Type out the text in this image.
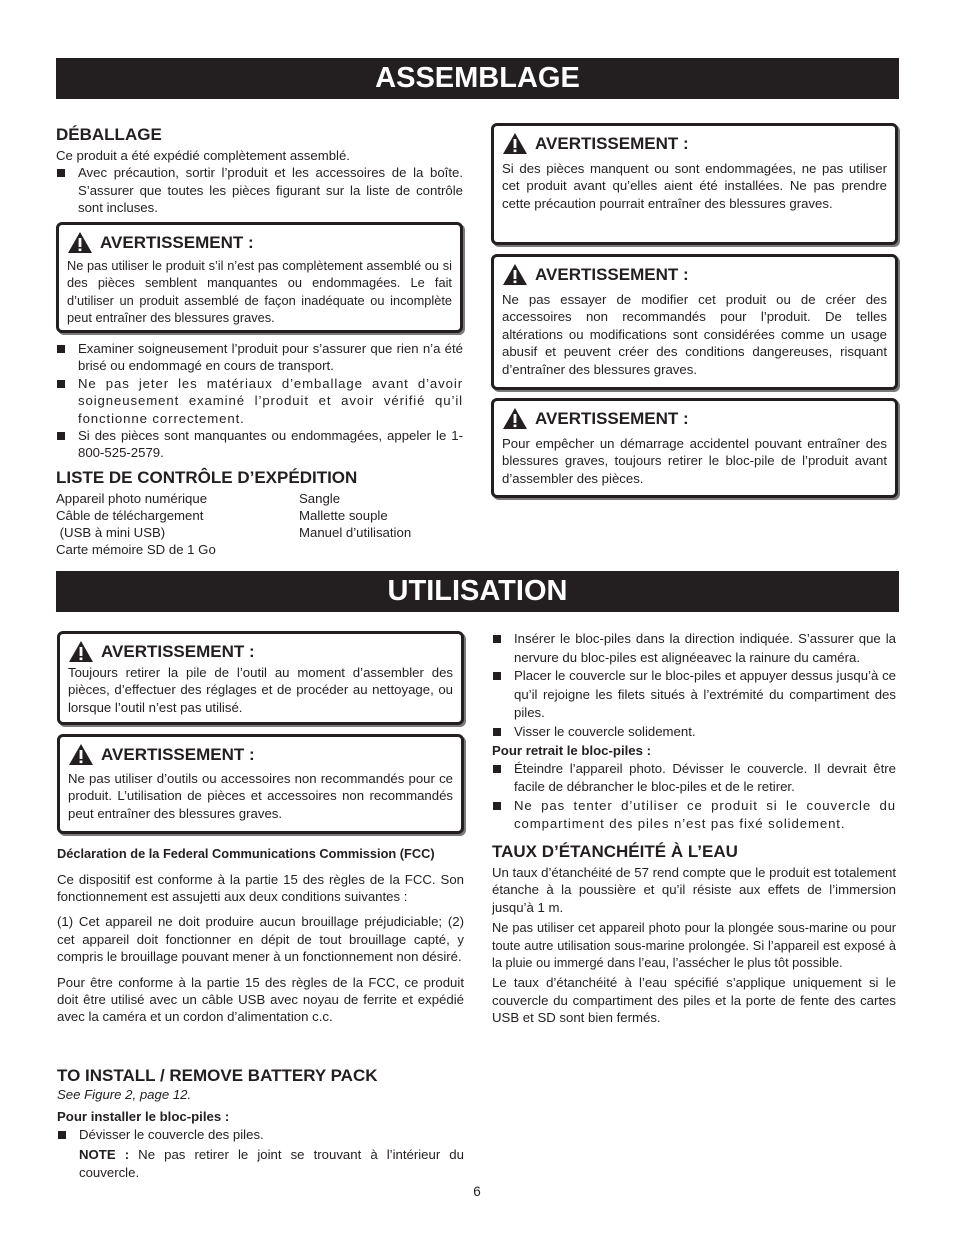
ASSEMBLAGE
DÉBALLAGE

Ce produit a été expédié complètement assemblé.

Avec précaution, sortir l’produit et les accessoires de la boîte. S’assurer que toutes les pièces figurant sur la liste de contrôle sont incluses.
AVERTISSEMENT :
Ne pas utiliser le produit s’il n’est pas complètement assemblé ou si des pièces semblent manquantes ou endommagées. Le fait d’utiliser un produit assemblé de façon inadéquate ou incomplète peut entraîner des blessures graves.
Examiner soigneusement l’produit pour s’assurer que rien n’a été brisé ou endommagé en cours de transport.
Ne pas jeter les matériaux d’emballage avant d’avoir soigneusement examiné l’produit et avoir vérifié qu’il fonctionne correctement.
Si des pièces sont manquantes ou endommagées, appeler le 1-800-525-2579.
LISTE DE CONTRÔLE D’EXPÉDITION
Appareil photo numérique
Câble de téléchargement
(USB à mini USB)
Carte mémoire SD de 1 Go
Sangle
Mallette souple
Manuel d’utilisation
AVERTISSEMENT :
Si des pièces manquent ou sont endommagées, ne pas utiliser cet produit avant qu’elles aient été installées. Ne pas prendre cette précaution pourrait entraîner des blessures graves.
AVERTISSEMENT :
Ne pas essayer de modifier cet produit ou de créer des accessoires non recommandés pour l’produit. De telles altérations ou modifications sont considérées comme un usage abusif et peuvent créer des conditions dangereuses, risquant d’entraîner des blessures graves.
AVERTISSEMENT :
Pour empêcher un démarrage accidentel pouvant entraîner des blessures graves, toujours retirer le bloc-pile de l’produit avant d’assembler des pièces.
UTILISATION
AVERTISSEMENT :
Toujours retirer la pile de l’outil au moment d’assembler des pièces, d’effectuer des réglages et de procéder au nettoyage, ou lorsque l’outil n’est pas utilisé.
AVERTISSEMENT :
Ne pas utiliser d’outils ou accessoires non recommandés pour ce produit. L’utilisation de pièces et accessoires non recommandés peut entraîner des blessures graves.
Déclaration de la Federal Communications Commission (FCC)

Ce dispositif est conforme à la partie 15 des règles de la FCC. Son fonctionnement est assujetti aux deux conditions suivantes :

(1) Cet appareil ne doit produire aucun brouillage préjudiciable; (2) cet appareil doit fonctionner en dépit de tout brouillage capté, y compris le brouillage pouvant mener à un fonctionnement non désiré.

Pour être conforme à la partie 15 des règles de la FCC, ce produit doit être utilisé avec un câble USB avec noyau de ferrite et expédié avec la caméra et un cordon d’alimentation c.c.

TO INSTALL / REMOVE BATTERY PACK
See Figure 2, page 12.
Pour installer le bloc-piles :
Dévisser le couvercle des piles.
NOTE : Ne pas retirer le joint se trouvant à l’intérieur du couvercle.
Insérer le bloc-piles dans la direction indiquée. S’assurer que la nervure du bloc-piles est alignéeavec la rainure du caméra.
Placer le couvercle sur le bloc-piles et appuyer dessus jusqu’à ce qu’il rejoigne les filets situés à l’extrémité du compartiment des piles.
Visser le couvercle solidement.
Pour retrait le bloc-piles :
Éteindre l’appareil photo. Dévisser le couvercle. Il devrait être facile de débrancher le bloc-piles et de le retirer.
Ne pas tenter d’utiliser ce produit si le couvercle du compartiment des piles n’est pas fixé solidement.
TAUX D’ÉTANCHÉITÉ À L’EAU

Un taux d’étanchéité de 57 rend compte que le produit est totalement étanche à la poussière et qu’il résiste aux effets de l’immersion jusqu’à 1 m.

Ne pas utiliser cet appareil photo pour la plongée sous-marine ou pour toute autre utilisation sous-marine prolongée. Si l’appareil est exposé à la pluie ou immergé dans l’eau, l’assécher le plus tôt possible.

Le taux d’étanchéité à l’eau spécifié s’applique uniquement si le couvercle du compartiment des piles et la porte de fente des cartes USB et SD sont bien fermés.

6
